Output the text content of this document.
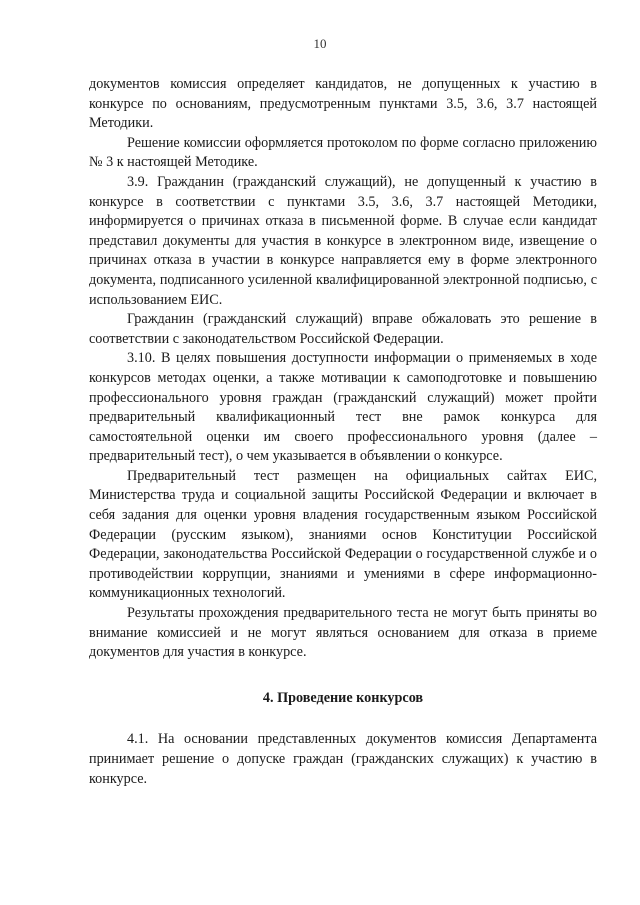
10

документов комиссия определяет кандидатов, не допущенных к участию в конкурсе по основаниям, предусмотренным пунктами 3.5, 3.6, 3.7 настоящей Методики.

Решение комиссии оформляется протоколом по форме согласно приложению № 3 к настоящей Методике.

3.9. Гражданин (гражданский служащий), не допущенный к участию в конкурсе в соответствии с пунктами 3.5, 3.6, 3.7 настоящей Методики, информируется о причинах отказа в письменной форме. В случае если кандидат представил документы для участия в конкурсе в электронном виде, извещение о причинах отказа в участии в конкурсе направляется ему в форме электронного документа, подписанного усиленной квалифицированной электронной подписью, с использованием ЕИС.

Гражданин (гражданский служащий) вправе обжаловать это решение в соответствии с законодательством Российской Федерации.

3.10. В целях повышения доступности информации о применяемых в ходе конкурсов методах оценки, а также мотивации к самоподготовке и повышению профессионального уровня граждан (гражданский служащий) может пройти предварительный квалификационный тест вне рамок конкурса для самостоятельной оценки им своего профессионального уровня (далее – предварительный тест), о чем указывается в объявлении о конкурсе.

Предварительный тест размещен на официальных сайтах ЕИС, Министерства труда и социальной защиты Российской Федерации и включает в себя задания для оценки уровня владения государственным языком Российской Федерации (русским языком), знаниями основ Конституции Российской Федерации, законодательства Российской Федерации о государственной службе и о противодействии коррупции, знаниями и умениями в сфере информационно-коммуникационных технологий.

Результаты прохождения предварительного теста не могут быть приняты во внимание комиссией и не могут являться основанием для отказа в приеме документов для участия в конкурсе.

4. Проведение конкурсов

4.1. На основании представленных документов комиссия Департамента принимает решение о допуске граждан (гражданских служащих) к участию в конкурсе.
